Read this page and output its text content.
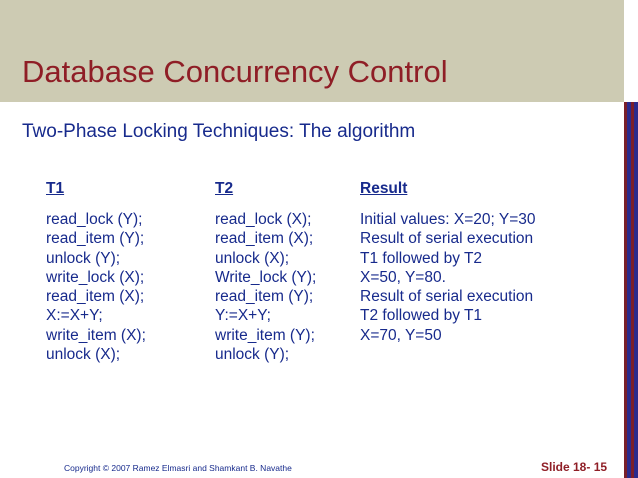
Database Concurrency Control
Two-Phase Locking Techniques: The algorithm
T1
read_lock (Y);
read_item (Y);
unlock (Y);
write_lock (X);
read_item (X);
X:=X+Y;
write_item (X);
unlock (X);
T2
read_lock (X);
read_item (X);
unlock (X);
Write_lock (Y);
read_item (Y);
Y:=X+Y;
write_item (Y);
unlock (Y);
Result
Initial values: X=20; Y=30
Result of serial execution
T1 followed by T2
X=50, Y=80.
Result of serial execution
T2 followed by T1
X=70, Y=50
Copyright © 2007 Ramez Elmasri and Shamkant B. Navathe	Slide 18- 15
